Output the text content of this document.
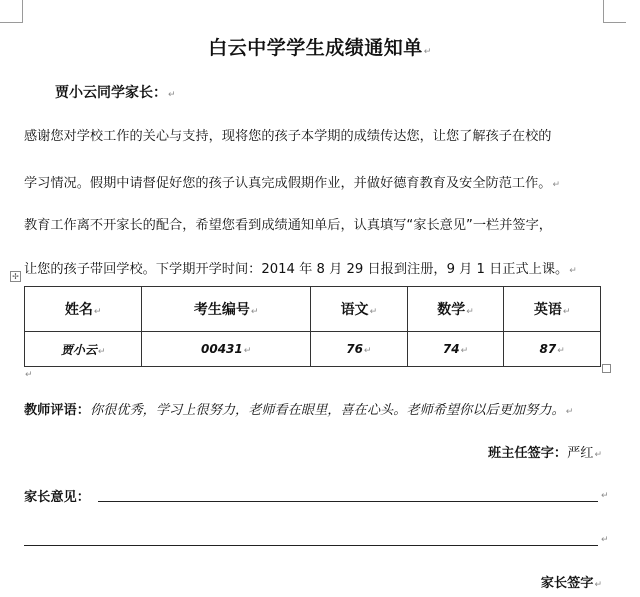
白云中学学生成绩通知单↵
贾小云同学家长：↵
感谢您对学校工作的关心与支持，现将您的孩子本学期的成绩传达您，让您了解孩子在校的
学习情况。假期中请督促好您的孩子认真完成假期作业，并做好德育教育及安全防范工作。↵
教育工作离不开家长的配合，希望您看到成绩通知单后，认真填写“家长意见”一栏并签字，
让您的孩子带回学校。下学期开学时间：2014 年 8 月 29 日报到注册，9 月 1 日正式上课。↵
✢
姓名↵	考生编号↵	语文↵	数学↵	英语↵
贾小云↵	00431↵	76↵	74↵	87↵
↵
教师评语：你很优秀，学习上很努力，老师看在眼里，喜在心头。老师希望你以后更加努力。↵
班主任签字：严红↵
家长意见：	↵
↵
家长签字↵
